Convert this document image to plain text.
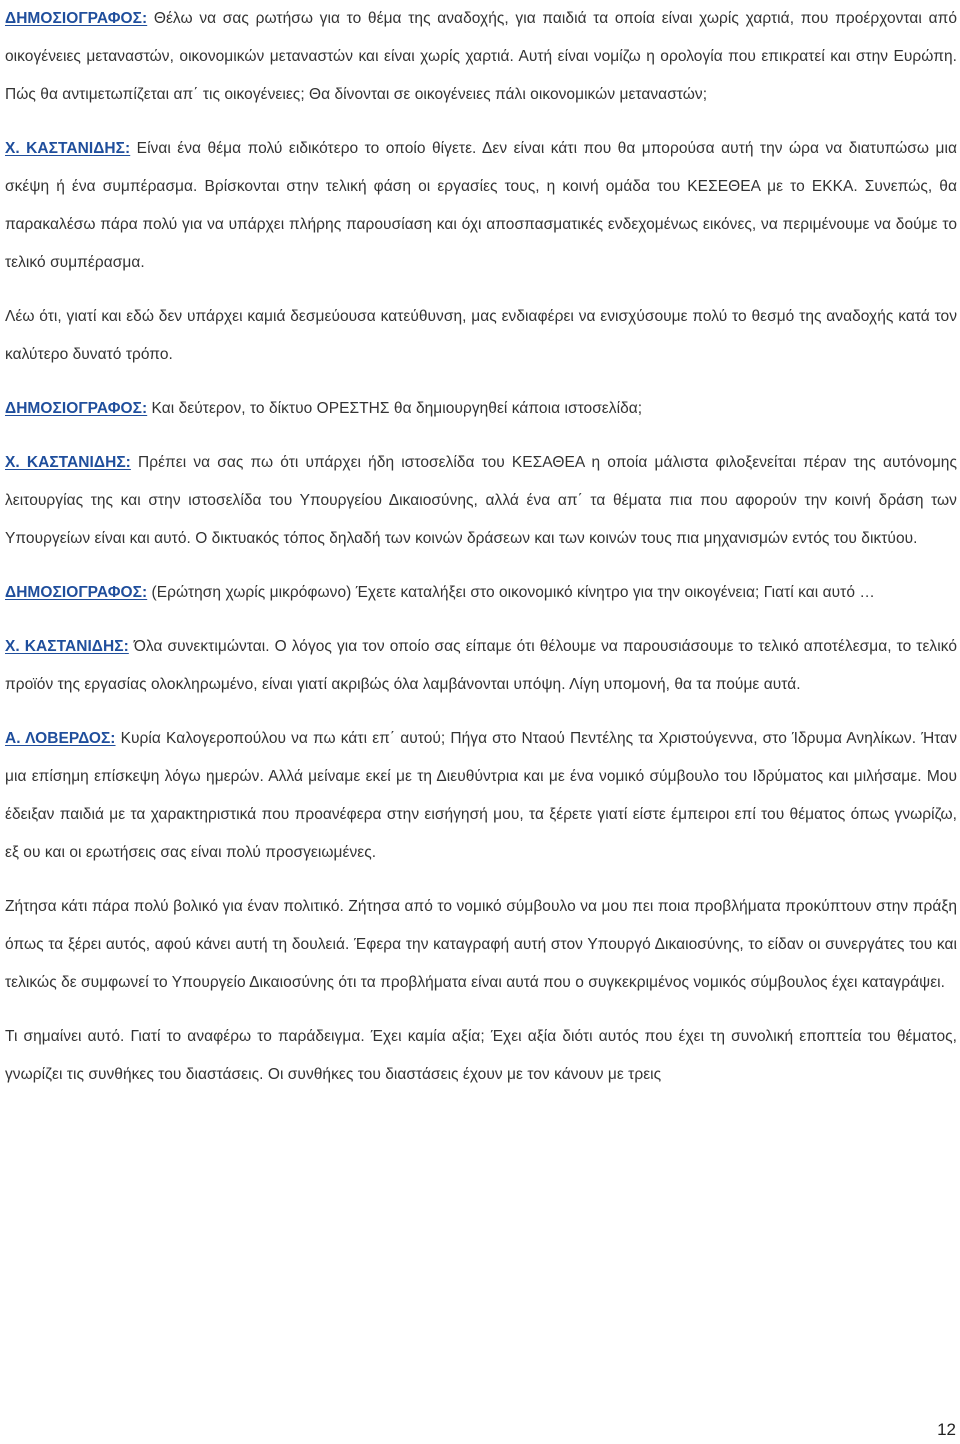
ΔΗΜΟΣΙΟΓΡΑΦΟΣ: Θέλω να σας ρωτήσω για το θέμα της αναδοχής, για παιδιά τα οποία είναι χωρίς χαρτιά, που προέρχονται από οικογένειες μεταναστών, οικονομικών μεταναστών και είναι χωρίς χαρτιά. Αυτή είναι νομίζω η ορολογία που επικρατεί και στην Ευρώπη. Πώς θα αντιμετωπίζεται απ΄ τις οικογένειες; Θα δίνονται σε οικογένειες πάλι οικονομικών μεταναστών;

Χ. ΚΑΣΤΑΝΙΔΗΣ: Είναι ένα θέμα πολύ ειδικότερο το οποίο θίγετε. Δεν είναι κάτι που θα μπορούσα αυτή την ώρα να διατυπώσω μια σκέψη ή ένα συμπέρασμα. Βρίσκονται στην τελική φάση οι εργασίες τους, η κοινή ομάδα του ΚΕΣΕΘΕΑ με το ΕΚΚΑ. Συνεπώς, θα παρακαλέσω πάρα πολύ για να υπάρχει πλήρης παρουσίαση και όχι αποσπασματικές ενδεχομένως εικόνες, να περιμένουμε να δούμε το τελικό συμπέρασμα.

Λέω ότι, γιατί και εδώ δεν υπάρχει καμιά δεσμεύουσα κατεύθυνση, μας ενδιαφέρει να ενισχύσουμε πολύ το θεσμό της αναδοχής κατά τον καλύτερο δυνατό τρόπο.

ΔΗΜΟΣΙΟΓΡΑΦΟΣ: Και δεύτερον, το δίκτυο ΟΡΕΣΤΗΣ θα δημιουργηθεί κάποια ιστοσελίδα;

Χ. ΚΑΣΤΑΝΙΔΗΣ: Πρέπει να σας πω ότι υπάρχει ήδη ιστοσελίδα του ΚΕΣΑΘΕΑ η οποία μάλιστα φιλοξενείται πέραν της αυτόνομης λειτουργίας της και στην ιστοσελίδα του Υπουργείου Δικαιοσύνης, αλλά ένα απ΄ τα θέματα πια που αφορούν την κοινή δράση των Υπουργείων είναι και αυτό. Ο δικτυακός τόπος δηλαδή των κοινών δράσεων και των κοινών τους πια μηχανισμών εντός του δικτύου.

ΔΗΜΟΣΙΟΓΡΑΦΟΣ: (Ερώτηση χωρίς μικρόφωνο) Έχετε καταλήξει στο οικονομικό κίνητρο για την οικογένεια; Γιατί και αυτό …

Χ. ΚΑΣΤΑΝΙΔΗΣ: Όλα συνεκτιμώνται. Ο λόγος για τον οποίο σας είπαμε ότι θέλουμε να παρουσιάσουμε το τελικό αποτέλεσμα, το τελικό προϊόν της εργασίας ολοκληρωμένο, είναι γιατί ακριβώς όλα λαμβάνονται υπόψη. Λίγη υπομονή, θα τα πούμε αυτά.

Α. ΛΟΒΕΡΔΟΣ: Κυρία Καλογεροπούλου να πω κάτι επ΄ αυτού; Πήγα στο Νταού Πεντέλης τα Χριστούγεννα, στο Ίδρυμα Ανηλίκων. Ήταν μια επίσημη επίσκεψη λόγω ημερών. Αλλά μείναμε εκεί με τη Διευθύντρια και με ένα νομικό σύμβουλο του Ιδρύματος και μιλήσαμε. Μου έδειξαν παιδιά με τα χαρακτηριστικά που προανέφερα στην εισήγησή μου, τα ξέρετε γιατί είστε έμπειροι επί του θέματος όπως γνωρίζω, εξ ου και οι ερωτήσεις σας είναι πολύ προσγειωμένες.

Ζήτησα κάτι πάρα πολύ βολικό για έναν πολιτικό. Ζήτησα από το νομικό σύμβουλο να μου πει ποια προβλήματα προκύπτουν στην πράξη όπως τα ξέρει αυτός, αφού κάνει αυτή τη δουλειά. Έφερα την καταγραφή αυτή στον Υπουργό Δικαιοσύνης, το είδαν οι συνεργάτες του και τελικώς δε συμφωνεί το Υπουργείο Δικαιοσύνης ότι τα προβλήματα είναι αυτά που ο συγκεκριμένος νομικός σύμβουλος έχει καταγράψει.

Τι σημαίνει αυτό. Γιατί το αναφέρω το παράδειγμα. Έχει καμία αξία; Έχει αξία διότι αυτός που έχει τη συνολική εποπτεία του θέματος, γνωρίζει τις συνθήκες του διαστάσεις. Οι συνθήκες του διαστάσεις έχουν με τον κάνουν με τρεις

12
